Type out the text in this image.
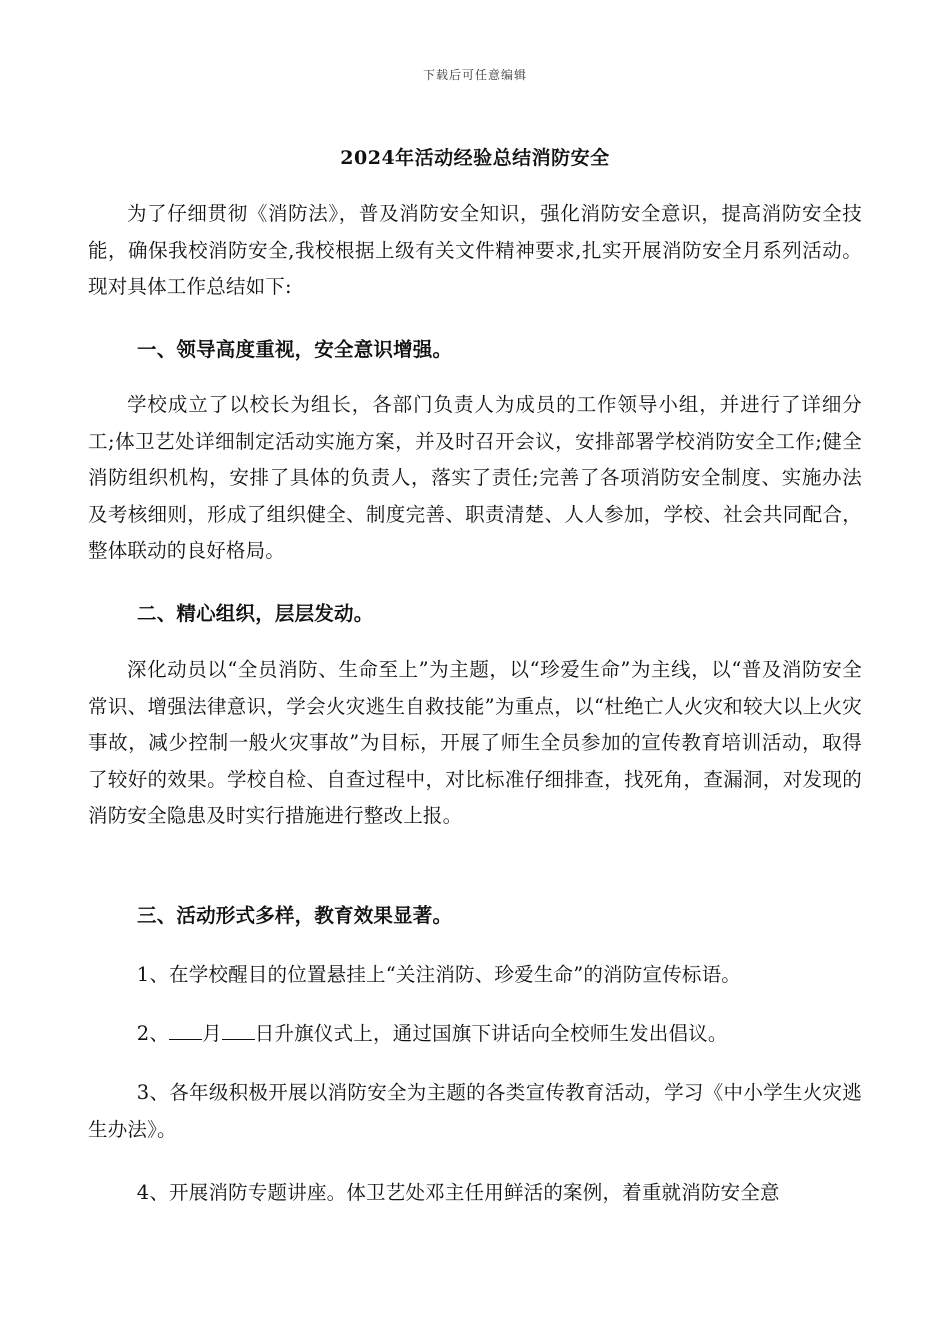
下载后可任意编辑
2024年活动经验总结消防安全
为了仔细贯彻《消防法》，普及消防安全知识，强化消防安全意识，提高消防安全技能，确保我校消防安全,我校根据上级有关文件精神要求,扎实开展消防安全月系列活动。现对具体工作总结如下:
一、领导高度重视，安全意识增强。
学校成立了以校长为组长，各部门负责人为成员的工作领导小组，并进行了详细分工;体卫艺处详细制定活动实施方案，并及时召开会议，安排部署学校消防安全工作;健全消防组织机构，安排了具体的负责人，落实了责任;完善了各项消防安全制度、实施办法及考核细则，形成了组织健全、制度完善、职责清楚、人人参加，学校、社会共同配合，整体联动的良好格局。
二、精心组织，层层发动。
深化动员以“全员消防、生命至上”为主题，以“珍爱生命”为主线，以“普及消防安全常识、增强法律意识，学会火灾逃生自救技能”为重点，以“杜绝亡人火灾和较大以上火灾事故，减少控制一般火灾事故”为目标，开展了师生全员参加的宣传教育培训活动，取得了较好的效果。学校自检、自查过程中，对比标准仔细排查，找死角，查漏洞，对发现的消防安全隐患及时实行措施进行整改上报。
三、活动形式多样，教育效果显著。
1、在学校醒目的位置悬挂上“关注消防、珍爱生命”的消防宣传标语。
2、 月 日升旗仪式上，通过国旗下讲话向全校师生发出倡议。
3、各年级积极开展以消防安全为主题的各类宣传教育活动，学习《中小学生火灾逃生办法》。
4、开展消防专题讲座。体卫艺处邓主任用鲜活的案例，着重就消防安全意
